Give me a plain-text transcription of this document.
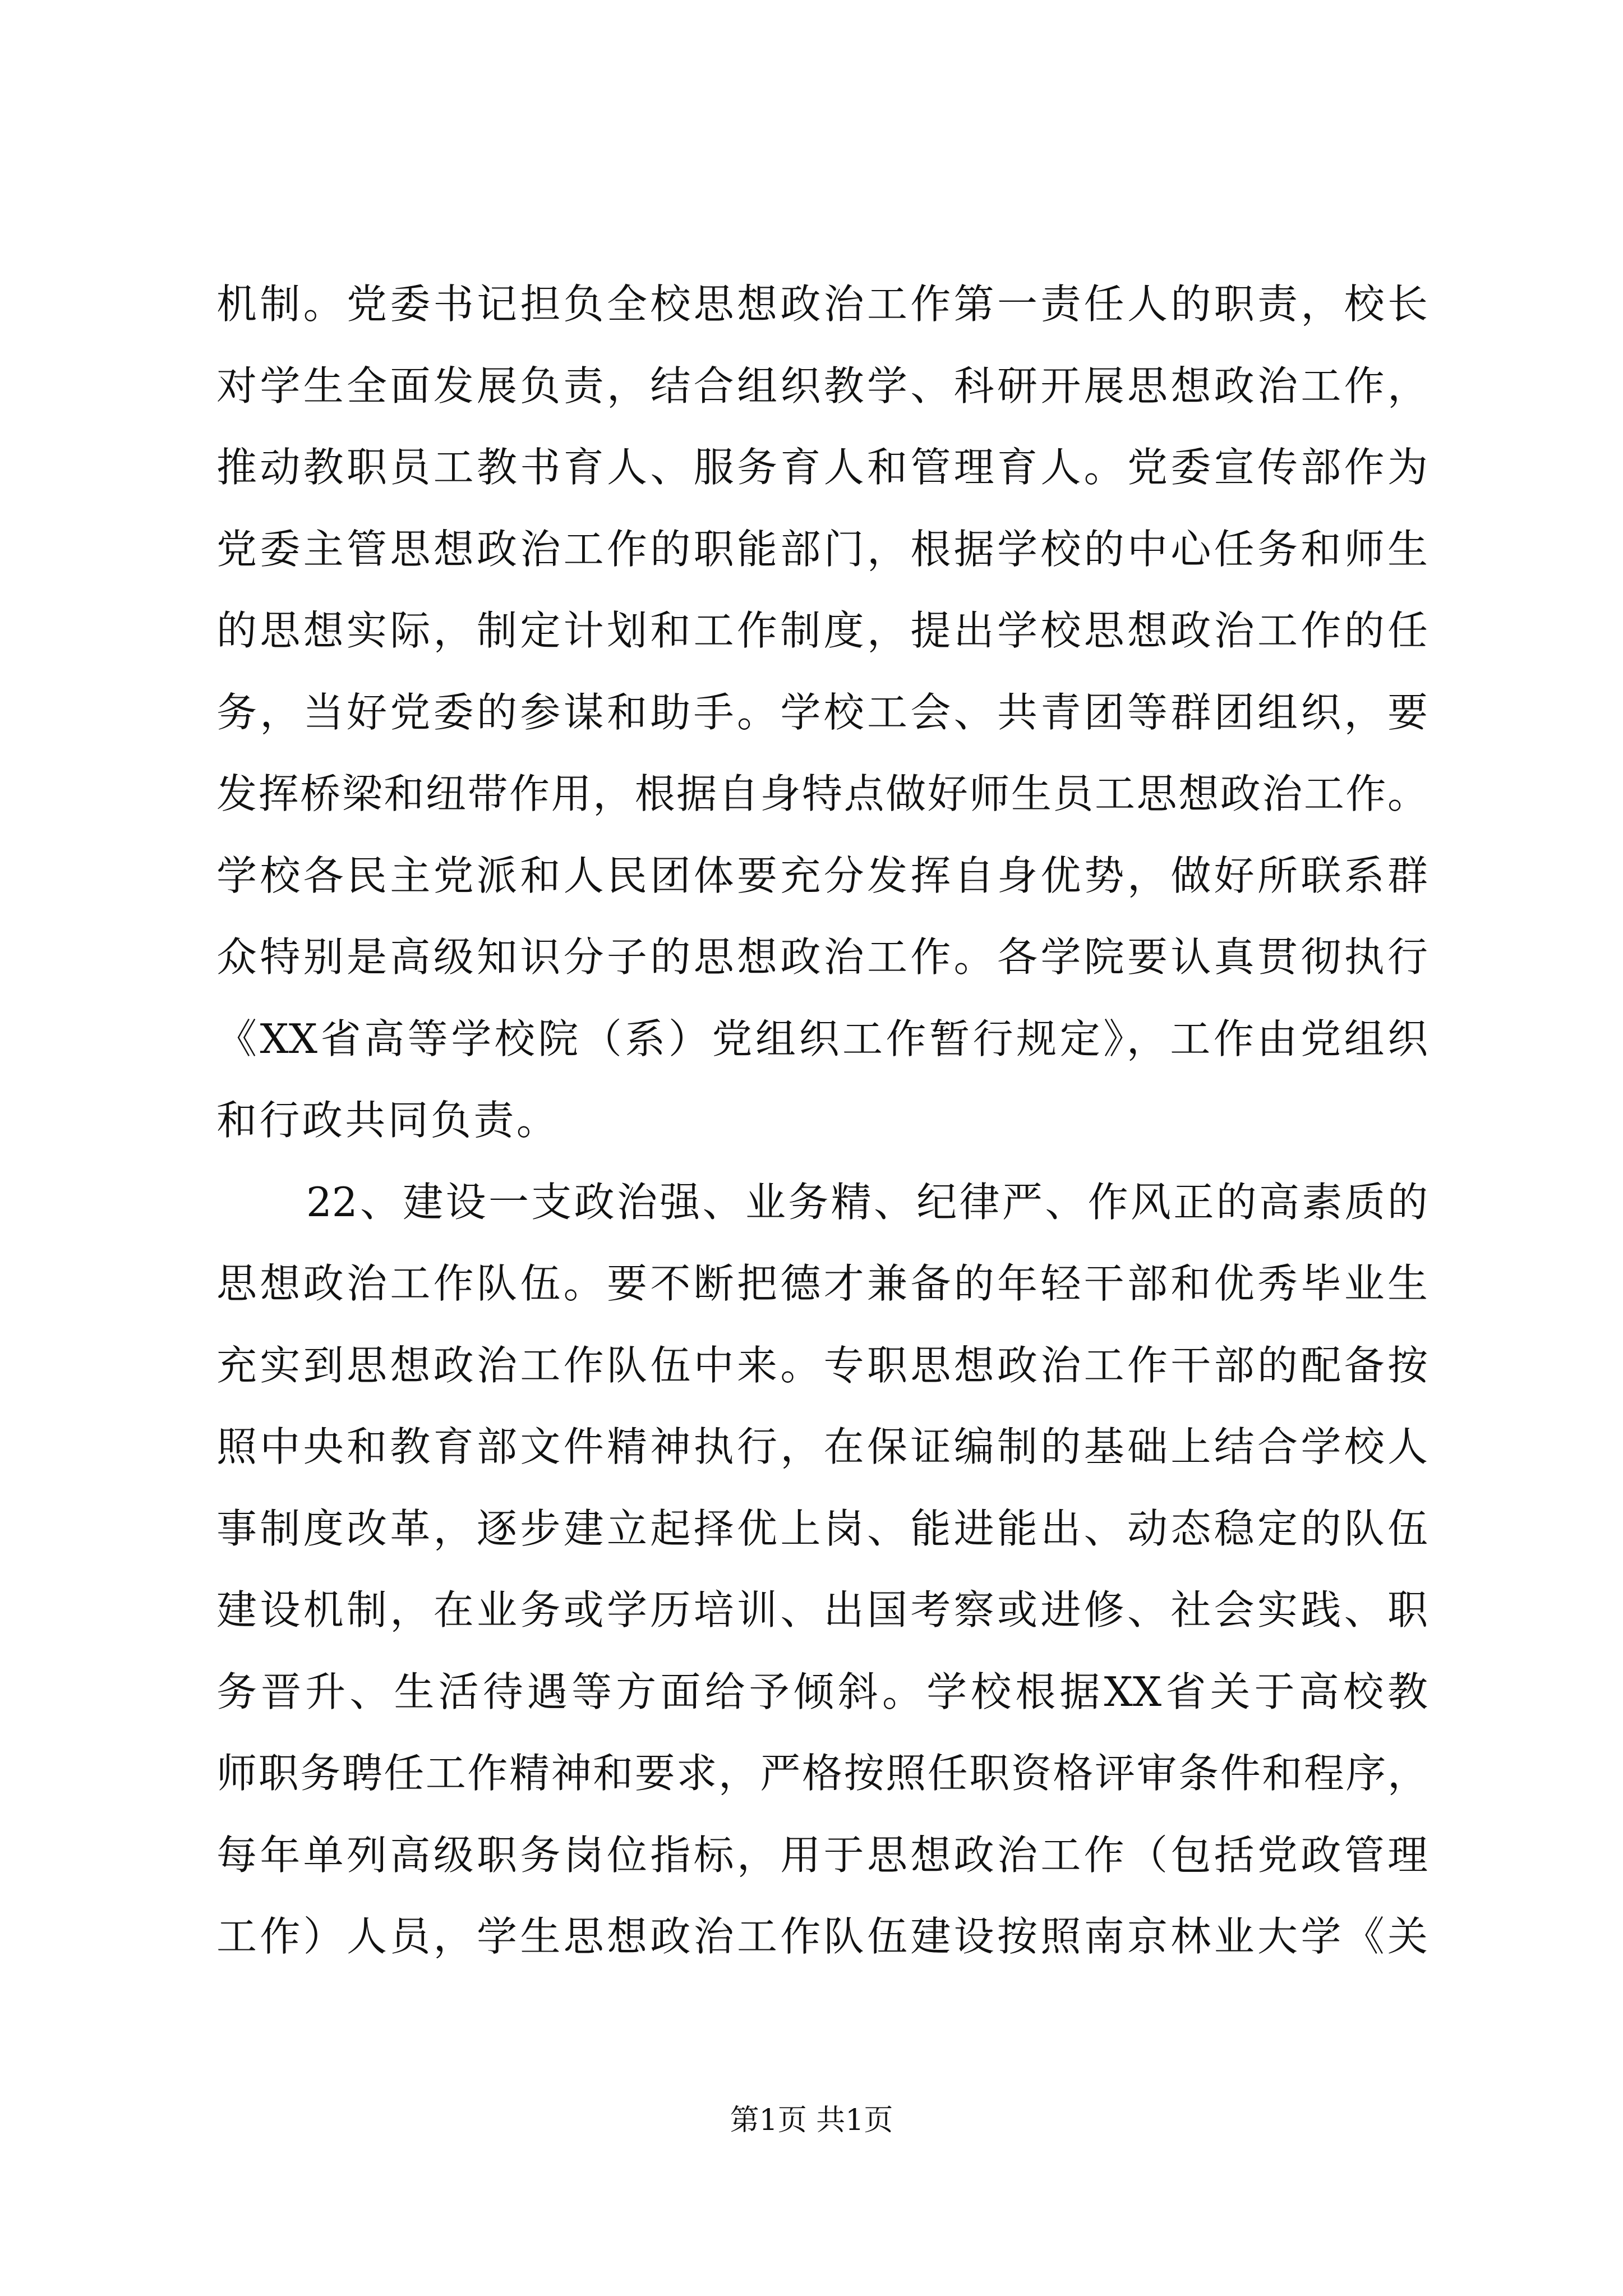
机制。党委书记担负全校思想政治工作第一责任人的职责，校长
对学生全面发展负责，结合组织教学、科研开展思想政治工作，
推动教职员工教书育人、服务育人和管理育人。党委宣传部作为
党委主管思想政治工作的职能部门，根据学校的中心任务和师生
的思想实际，制定计划和工作制度，提出学校思想政治工作的任
务，当好党委的参谋和助手。学校工会、共青团等群团组织，要
发挥桥梁和纽带作用，根据自身特点做好师生员工思想政治工作。
学校各民主党派和人民团体要充分发挥自身优势，做好所联系群
众特别是高级知识分子的思想政治工作。各学院要认真贯彻执行
《XX省高等学校院（系）党组织工作暂行规定》，工作由党组织
和行政共同负责。
22、建设一支政治强、业务精、纪律严、作风正的高素质的
思想政治工作队伍。要不断把德才兼备的年轻干部和优秀毕业生
充实到思想政治工作队伍中来。专职思想政治工作干部的配备按
照中央和教育部文件精神执行，在保证编制的基础上结合学校人
事制度改革，逐步建立起择优上岗、能进能出、动态稳定的队伍
建设机制，在业务或学历培训、出国考察或进修、社会实践、职
务晋升、生活待遇等方面给予倾斜。学校根据XX省关于高校教
师职务聘任工作精神和要求，严格按照任职资格评审条件和程序，
每年单列高级职务岗位指标，用于思想政治工作（包括党政管理
工作）人员，学生思想政治工作队伍建设按照南京林业大学《关
第1页 共1页
